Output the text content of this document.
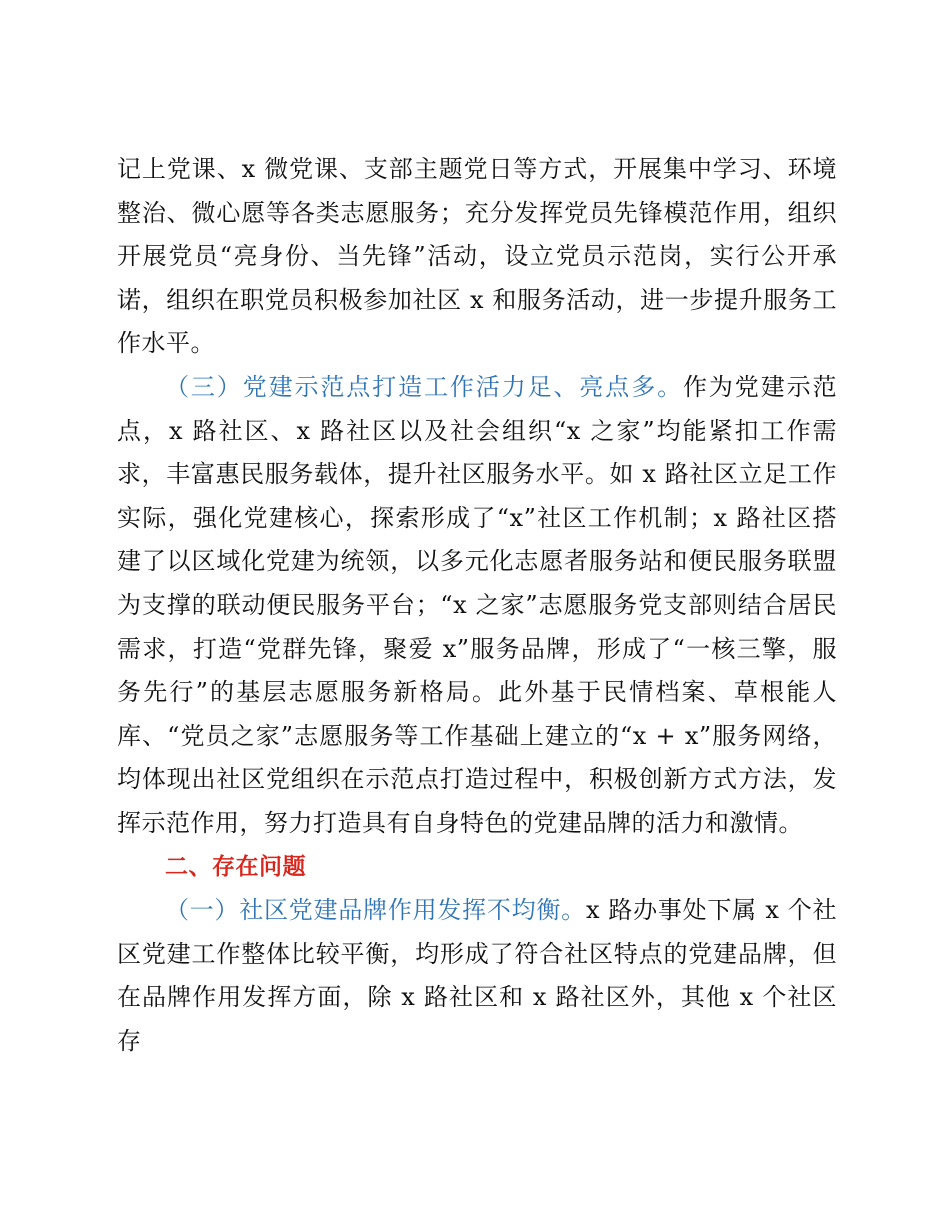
记上党课、x 微党课、支部主题党日等方式，开展集中学习、环境整治、微心愿等各类志愿服务；充分发挥党员先锋模范作用，组织开展党员“亮身份、当先锋”活动，设立党员示范岗，实行公开承诺，组织在职党员积极参加社区 x 和服务活动，进一步提升服务工作水平。

（三）党建示范点打造工作活力足、亮点多。作为党建示范点，x 路社区、x 路社区以及社会组织“x 之家”均能紧扣工作需求，丰富惠民服务载体，提升社区服务水平。如 x 路社区立足工作实际，强化党建核心，探索形成了“x”社区工作机制；x 路社区搭建了以区域化党建为统领，以多元化志愿者服务站和便民服务联盟为支撑的联动便民服务平台；“x 之家”志愿服务党支部则结合居民需求，打造“党群先锋，聚爱 x”服务品牌，形成了“一核三擎，服务先行”的基层志愿服务新格局。此外基于民情档案、草根能人库、“党员之家”志愿服务等工作基础上建立的“x + x”服务网络，均体现出社区党组织在示范点打造过程中，积极创新方式方法，发挥示范作用，努力打造具有自身特色的党建品牌的活力和激情。

二、存在问题

（一）社区党建品牌作用发挥不均衡。x 路办事处下属 x 个社区党建工作整体比较平衡，均形成了符合社区特点的党建品牌，但在品牌作用发挥方面，除 x 路社区和 x 路社区外，其他 x 个社区存
